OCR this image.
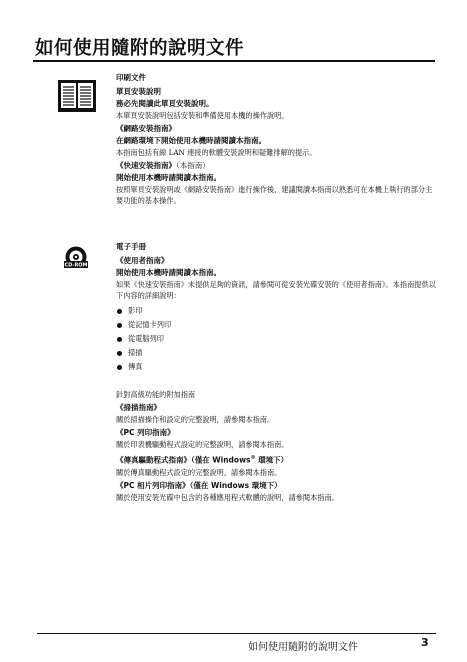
如何使用隨附的說明文件
CD-ROM
印刷文件
單頁安裝說明
務必先閱讀此單頁安裝說明。
本單頁安裝說明包括安裝和準備使用本機的操作說明。
《網路安裝指南》
在網路環境下開始使用本機時請閱讀本指南。
本指南包括有線 LAN 連接的軟體安裝說明和疑難排解的提示。
《快速安裝指南》（本指南）
開始使用本機時請閱讀本指南。
按照單頁安裝說明或《網路安裝指南》進行操作後，建議閱讀本指南以熟悉可在本機上執行的部分主要功能的基本操作。
電子手冊
《使用者指南》
開始使用本機時請閱讀本指南。
如果《快速安裝指南》未提供足夠的資訊，請參閱可從安裝光碟安裝的《使用者指南》。本指南提供以下內容的詳細說明：
影印
從記憶卡列印
從電腦列印
掃描
傳真
針對高級功能的附加指南
《掃描指南》
關於掃描操作和設定的完整說明，請參閱本指南。
《PC 列印指南》
關於印表機驅動程式設定的完整說明，請參閱本指南。
《傳真驅動程式指南》（僅在 Windows® 環境下）
關於傳真驅動程式設定的完整說明，請參閱本指南。
《PC 相片列印指南》（僅在 Windows 環境下）
關於使用安裝光碟中包含的各種應用程式軟體的說明，請參閱本指南。
如何使用隨附的說明文件	3
